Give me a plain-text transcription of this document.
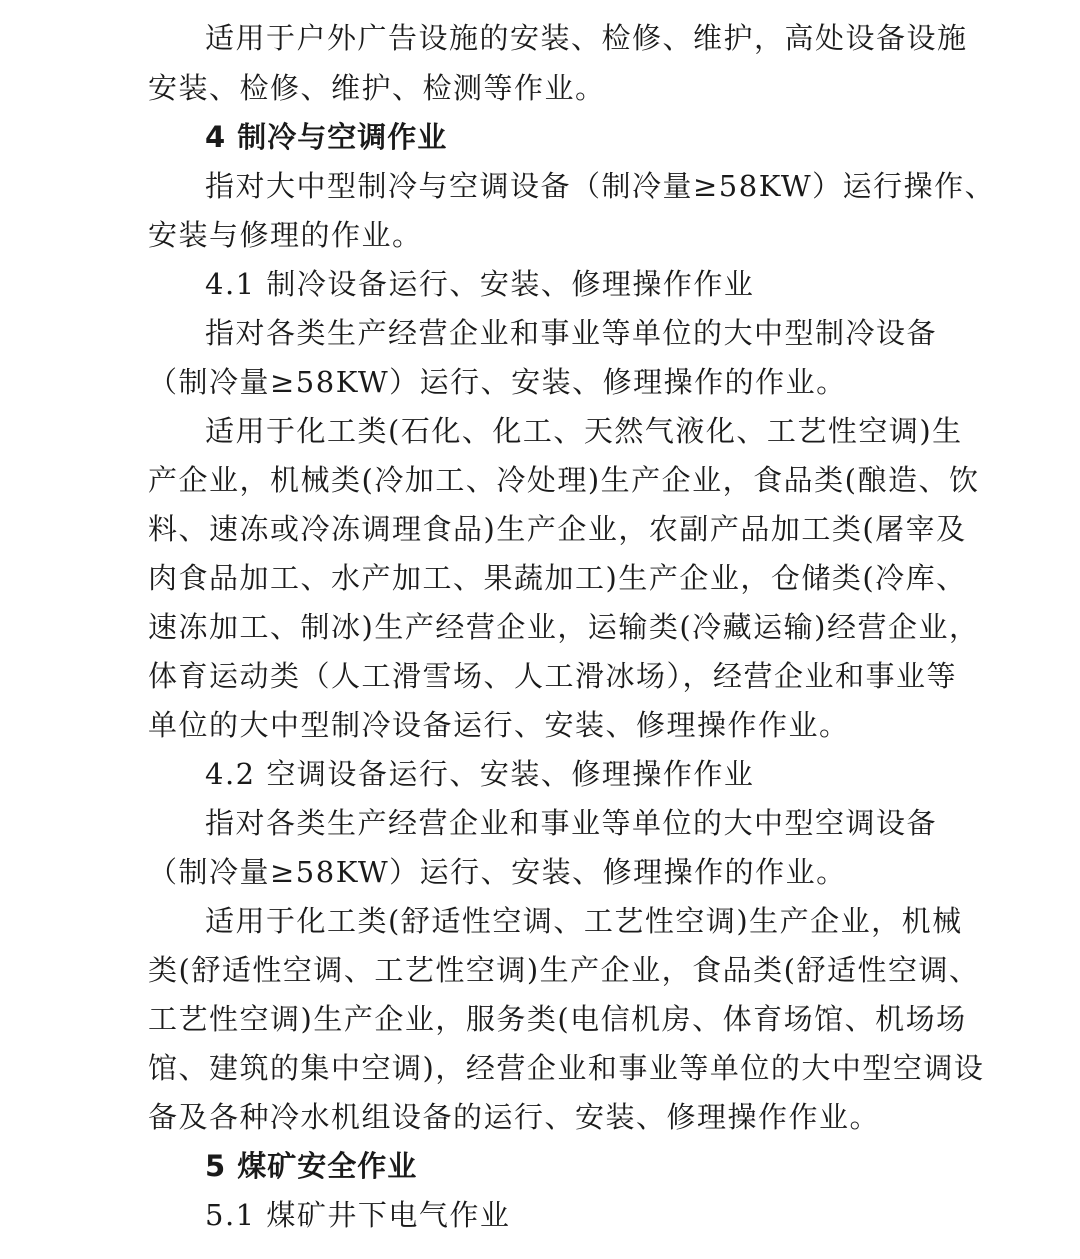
适用于户外广告设施的安装、检修、维护，高处设备设施
安装、检修、维护、检测等作业。
4 制冷与空调作业
指对大中型制冷与空调设备（制冷量≥58KW）运行操作、
安装与修理的作业。
4.1 制冷设备运行、安装、修理操作作业
指对各类生产经营企业和事业等单位的大中型制冷设备
（制冷量≥58KW）运行、安装、修理操作的作业。
适用于化工类(石化、化工、天然气液化、工艺性空调)生
产企业，机械类(冷加工、冷处理)生产企业，食品类(酿造、饮
料、速冻或冷冻调理食品)生产企业，农副产品加工类(屠宰及
肉食品加工、水产加工、果蔬加工)生产企业，仓储类(冷库、
速冻加工、制冰)生产经营企业，运输类(冷藏运输)经营企业，
体育运动类（人工滑雪场、人工滑冰场），经营企业和事业等
单位的大中型制冷设备运行、安装、修理操作作业。
4.2 空调设备运行、安装、修理操作作业
指对各类生产经营企业和事业等单位的大中型空调设备
（制冷量≥58KW）运行、安装、修理操作的作业。
适用于化工类(舒适性空调、工艺性空调)生产企业，机械
类(舒适性空调、工艺性空调)生产企业，食品类(舒适性空调、
工艺性空调)生产企业，服务类(电信机房、体育场馆、机场场
馆、建筑的集中空调)，经营企业和事业等单位的大中型空调设
备及各种冷水机组设备的运行、安装、修理操作作业。
5 煤矿安全作业
5.1 煤矿井下电气作业
